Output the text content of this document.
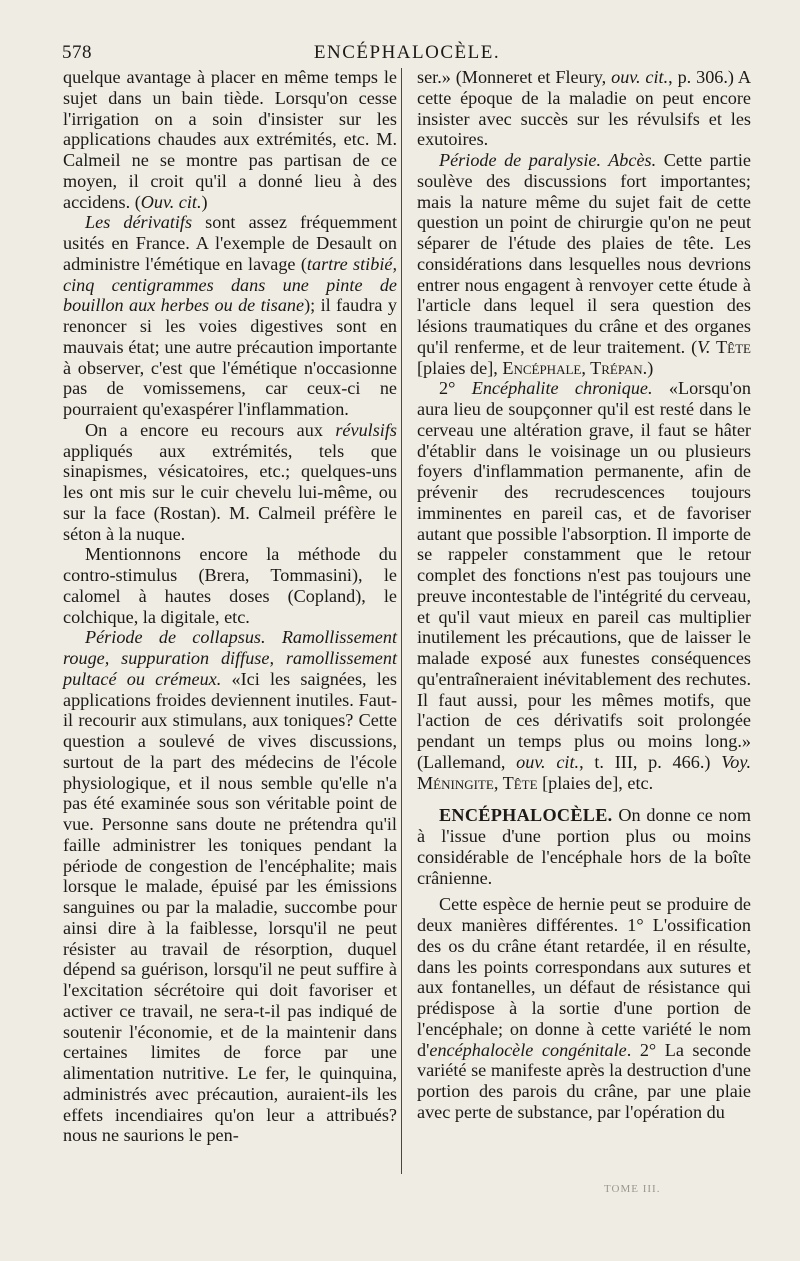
578	ENCÉPHALOCÈLE.

quelque avantage à placer en même temps le sujet dans un bain tiède. Lorsqu'on cesse l'irrigation on a soin d'insister sur les applications chaudes aux extrémités, etc. M. Calmeil ne se montre pas partisan de ce moyen, il croit qu'il a donné lieu à des accidens. (Ouv. cit.)

Les dérivatifs sont assez fréquemment usités en France. A l'exemple de Desault on administre l'émétique en lavage (tartre stibié, cinq centigrammes dans une pinte de bouillon aux herbes ou de tisane); il faudra y renoncer si les voies digestives sont en mauvais état; une autre précaution importante à observer, c'est que l'émétique n'occasionne pas de vomissemens, car ceux-ci ne pourraient qu'exaspérer l'inflammation.

On a encore eu recours aux révulsifs appliqués aux extrémités, tels que sinapismes, vésicatoires, etc.; quelques-uns les ont mis sur le cuir chevelu lui-même, ou sur la face (Rostan). M. Calmeil préfère le séton à la nuque.

Mentionnons encore la méthode du contro-stimulus (Brera, Tommasini), le calomel à hautes doses (Copland), le colchique, la digitale, etc.

Période de collapsus. Ramollissement rouge, suppuration diffuse, ramollissement pultacé ou crémeux. «Ici les saignées, les applications froides deviennent inutiles. Faut-il recourir aux stimulans, aux toniques? Cette question a soulevé de vives discussions, surtout de la part des médecins de l'école physiologique, et il nous semble qu'elle n'a pas été examinée sous son véritable point de vue. Personne sans doute ne prétendra qu'il faille administrer les toniques pendant la période de congestion de l'encéphalite; mais lorsque le malade, épuisé par les émissions sanguines ou par la maladie, succombe pour ainsi dire à la faiblesse, lorsqu'il ne peut résister au travail de résorption, duquel dépend sa guérison, lorsqu'il ne peut suffire à l'excitation sécrétoire qui doit favoriser et activer ce travail, ne sera-t-il pas indiqué de soutenir l'économie, et de la maintenir dans certaines limites de force par une alimentation nutritive. Le fer, le quinquina, administrés avec précaution, auraient-ils les effets incendiaires qu'on leur a attribués? nous ne saurions le pen-

ser.» (Monneret et Fleury, ouv. cit., p. 306.) A cette époque de la maladie on peut encore insister avec succès sur les révulsifs et les exutoires.

Période de paralysie. Abcès. Cette partie soulève des discussions fort importantes; mais la nature même du sujet fait de cette question un point de chirurgie qu'on ne peut séparer de l'étude des plaies de tête. Les considérations dans lesquelles nous devrions entrer nous engagent à renvoyer cette étude à l'article dans lequel il sera question des lésions traumatiques du crâne et des organes qu'il renferme, et de leur traitement. (V. Tête [plaies de], Encéphale, Trépan.)

2° Encéphalite chronique. «Lorsqu'on aura lieu de soupçonner qu'il est resté dans le cerveau une altération grave, il faut se hâter d'établir dans le voisinage un ou plusieurs foyers d'inflammation permanente, afin de prévenir des recrudescences toujours imminentes en pareil cas, et de favoriser autant que possible l'absorption. Il importe de se rappeler constamment que le retour complet des fonctions n'est pas toujours une preuve incontestable de l'intégrité du cerveau, et qu'il vaut mieux en pareil cas multiplier inutilement les précautions, que de laisser le malade exposé aux funestes conséquences qu'entraîneraient inévitablement des rechutes. Il faut aussi, pour les mêmes motifs, que l'action de ces dérivatifs soit prolongée pendant un temps plus ou moins long.» (Lallemand, ouv. cit., t. III, p. 466.) Voy. Méningite, Tête [plaies de], etc.

ENCÉPHALOCÈLE. On donne ce nom à l'issue d'une portion plus ou moins considérable de l'encéphale hors de la boîte crânienne.

Cette espèce de hernie peut se produire de deux manières différentes. 1° L'ossification des os du crâne étant retardée, il en résulte, dans les points correspondans aux sutures et aux fontanelles, un défaut de résistance qui prédispose à la sortie d'une portion de l'encéphale; on donne à cette variété le nom d'encéphalocèle congénitale. 2° La seconde variété se manifeste après la destruction d'une portion des parois du crâne, par une plaie avec perte de substance, par l'opération du

TOME III.
